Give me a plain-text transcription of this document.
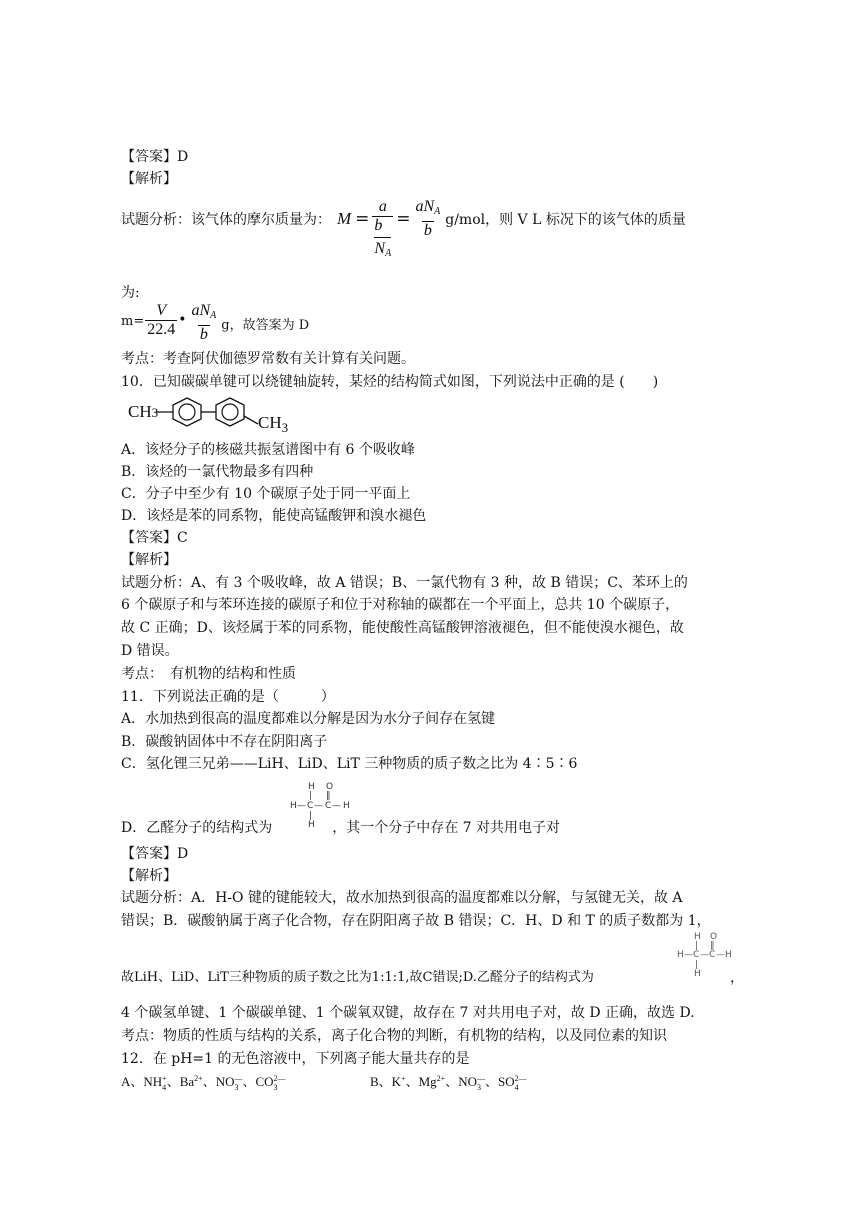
【答案】D
【解析】
试题分析：该气体的摩尔质量为： M = a
b
$N_A = \frac{aN_A}{b} g/mol$，则 V L 标况下的该气体的质量
为:
$m= \frac{V}{22.4}$ • $\frac{aN_A}{b}$ g，故答案为 D
考点：考查阿伏伽德罗常数有关计算有关问题。
10．已知碳碳单键可以绕键轴旋转，某烃的结构简式如图，下列说法中正确的是 (　　)
CH3
$CH_3$
A．该烃分子的核磁共振氢谱图中有 6 个吸收峰
B．该烃的一氯代物最多有四种
C．分子中至少有 10 个碳原子处于同一平面上
D．该烃是苯的同系物，能使高锰酸钾和溴水褪色
【答案】C
【解析】
试题分析：A、有 3 个吸收峰，故 A 错误；B、一氯代物有 3 种，故 B 错误；C、苯环上的
6 个碳原子和与苯环连接的碳原子和位于对称轴的碳都在一个平面上，总共 10 个碳原子，
故 C 正确；D、该烃属于苯的同系物，能使酸性高锰酸钾溶液褪色，但不能使溴水褪色，故
D 错误。
考点：　有机物的结构和性质
11．下列说法正确的是（　　　）
A．水加热到很高的温度都难以分解是因为水分子间存在氢键
B．碳酸钠固体中不存在阴阳离子
C．氢化锂三兄弟——LiH、LiD、LiT 三种物质的质子数之比为 4∶5∶6
H O
| ‖
H — C — C — H
|
H
D．乙醛分子的结构式为	，其一个分子中存在 7 对共用电子对
【答案】D
【解析】
试题分析：A．H-O 键的键能较大，故水加热到很高的温度都难以分解，与氢键无关，故 A
错误；B．碳酸钠属于离子化合物，存在阴阳离子故 B 错误；C．H、D 和 T 的质子数都为 1，
H O
| ‖
H — C — C — H
|
H
故LiH、LiD、LiT三种物质的质子数之比为1:1:1,故C错误;D.乙醛分子的结构式为	，
4 个碳氢单键、1 个碳碳单键、1 个碳氧双键，故存在 7 对共用电子对，故 D 正确，故选 D.
考点：物质的性质与结构的关系，离子化合物的判断，有机物的结构，以及同位素的知识
12．在 pH=1 的无色溶液中，下列离子能大量共存的是
A、NH +
4 、Ba 2+
、NO —
3 、CO 2—
3	B、K +
、Mg 2+
、NO —
3 、SO 2—
4
